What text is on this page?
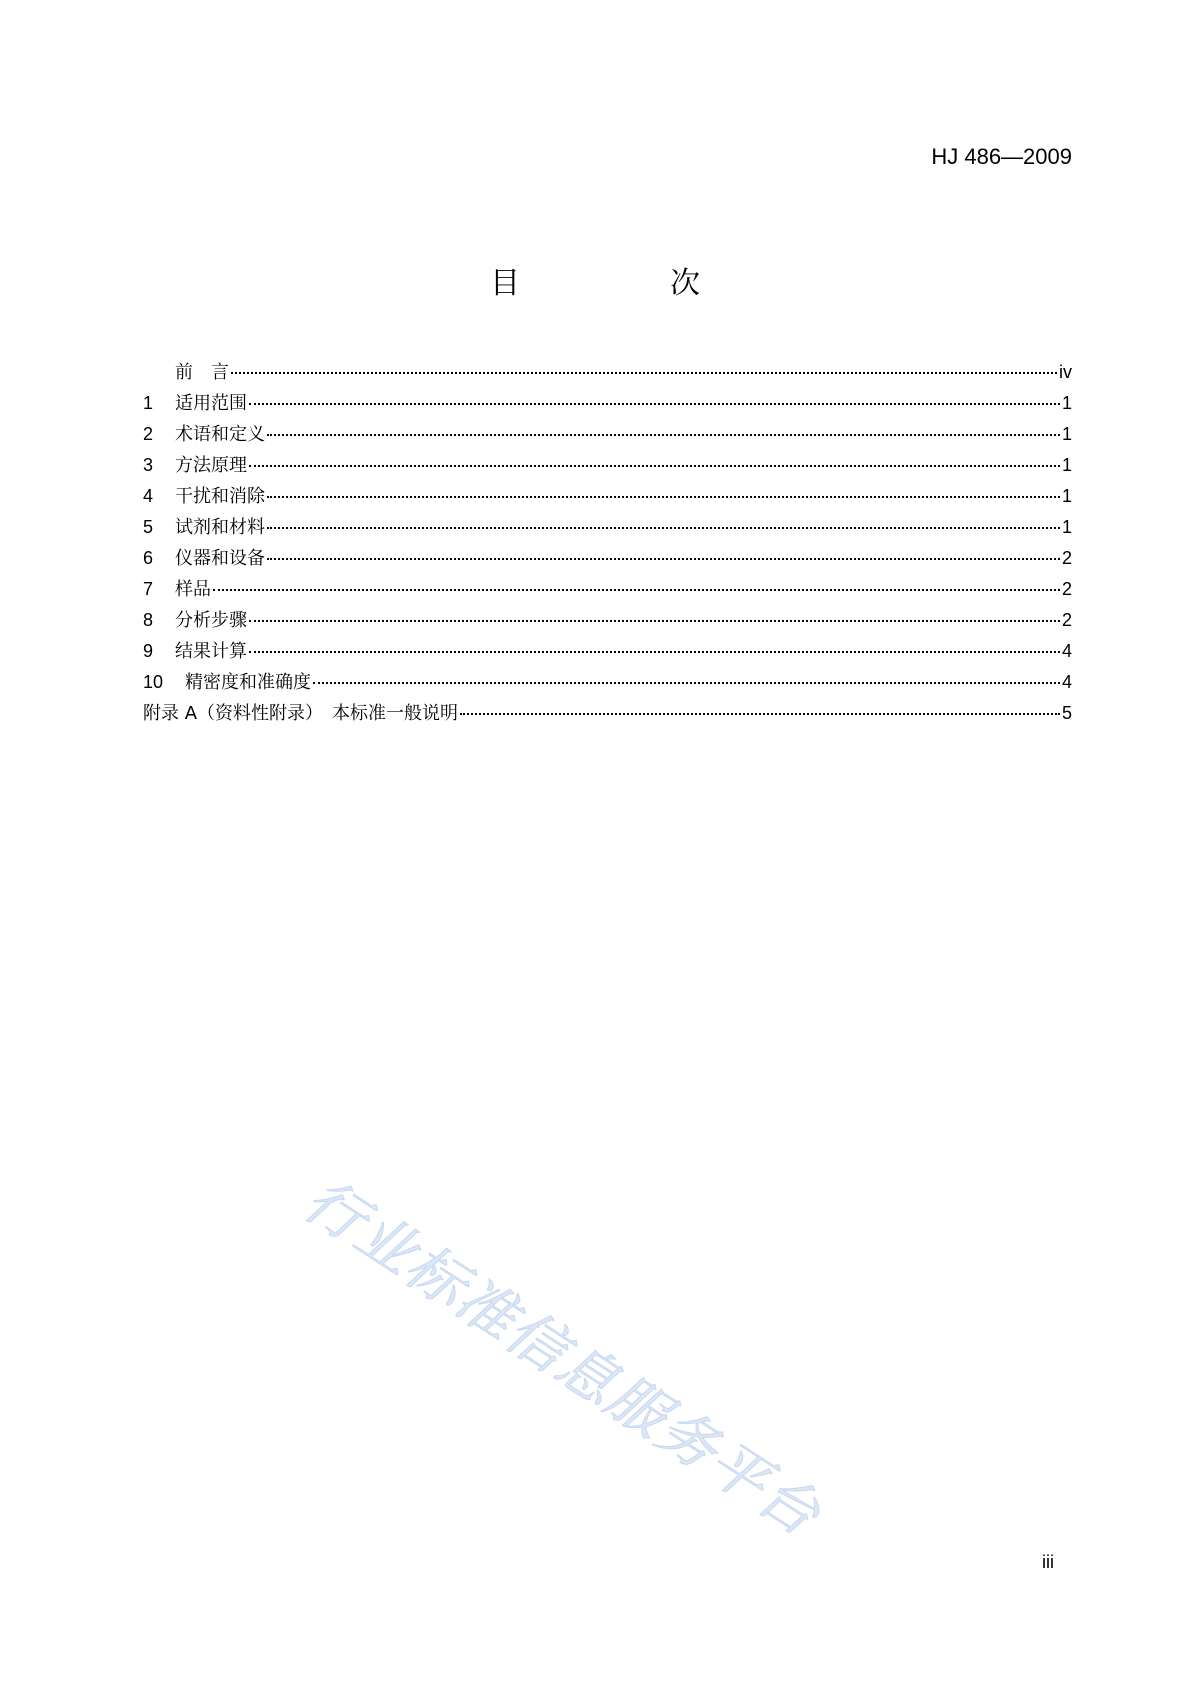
HJ 486—2009
目　次
前　言	iv
1	适用范围	1
2	术语和定义	1
3	方法原理	1
4	干扰和消除	1
5	试剂和材料	1
6	仪器和设备	2
7	样品	2
8	分析步骤	2
9	结果计算	4
10	精密度和准确度	4
附录 A（资料性附录）　本标准一般说明	5
行业标准信息服务平台
iii
